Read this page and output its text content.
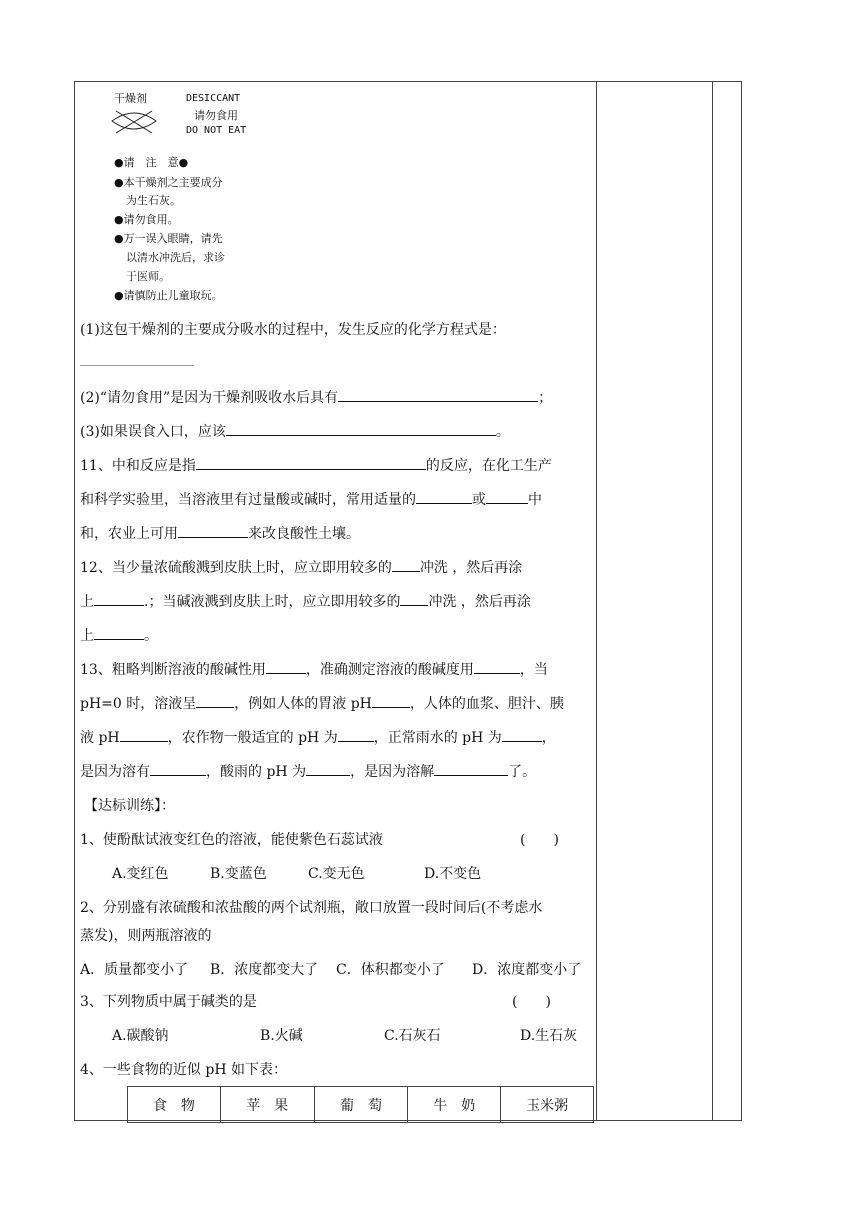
干燥剂	DESICCANT
请勿食用
DO NOT EAT
●请　注　意●
●本干燥剂之主要成分
为生石灰。
●请勿食用。
●万一误入眼睛，请先
以清水冲洗后，求诊
于医师。
●请慎防止儿童取玩。
(1)这包干燥剂的主要成分吸水的过程中，发生反应的化学方程式是：
(2)“请勿食用”是因为干燥剂吸收水后具有	；
(3)如果误食入口，应该	。
11、中和反应是指	的反应，在化工生产
和科学实验里，当溶液里有过量酸或碱时，常用适量的	或	中
和，农业上可用	来改良酸性土壤。
12、当少量浓硫酸溅到皮肤上时，应立即用较多的 冲洗 ，然后再涂
上	.；当碱液溅到皮肤上时，应立即用较多的 冲洗 ，然后再涂
上	。
13、粗略判断溶液的酸碱性用	，准确测定溶液的酸碱度用	，当
pH=0 时，溶液呈	，例如人体的胃液 pH	，人体的血浆、胆汁、胰
液 pH	，农作物一般适宜的 pH 为	，正常雨水的 pH 为	，
是因为溶有	，酸雨的 pH 为	，是因为溶解	了。
【达标训练】：
1、使酚酞试液变红色的溶液，能使紫色石蕊试液	(　　)
A.变红色	B.变蓝色	C.变无色	D.不变色
2、分别盛有浓硫酸和浓盐酸的两个试剂瓶，敞口放置一段时间后(不考虑水
蒸发)，则两瓶溶液的
A．质量都变小了 B．浓度都变大了 C．体积都变小了 D．浓度都变小了
3、下列物质中属于碱类的是	(　　)
A.碳酸钠	B.火碱	C.石灰石	D.生石灰
4、一些食物的近似 pH 如下表：
食　物	苹　果	葡　萄	牛　奶	玉米粥
